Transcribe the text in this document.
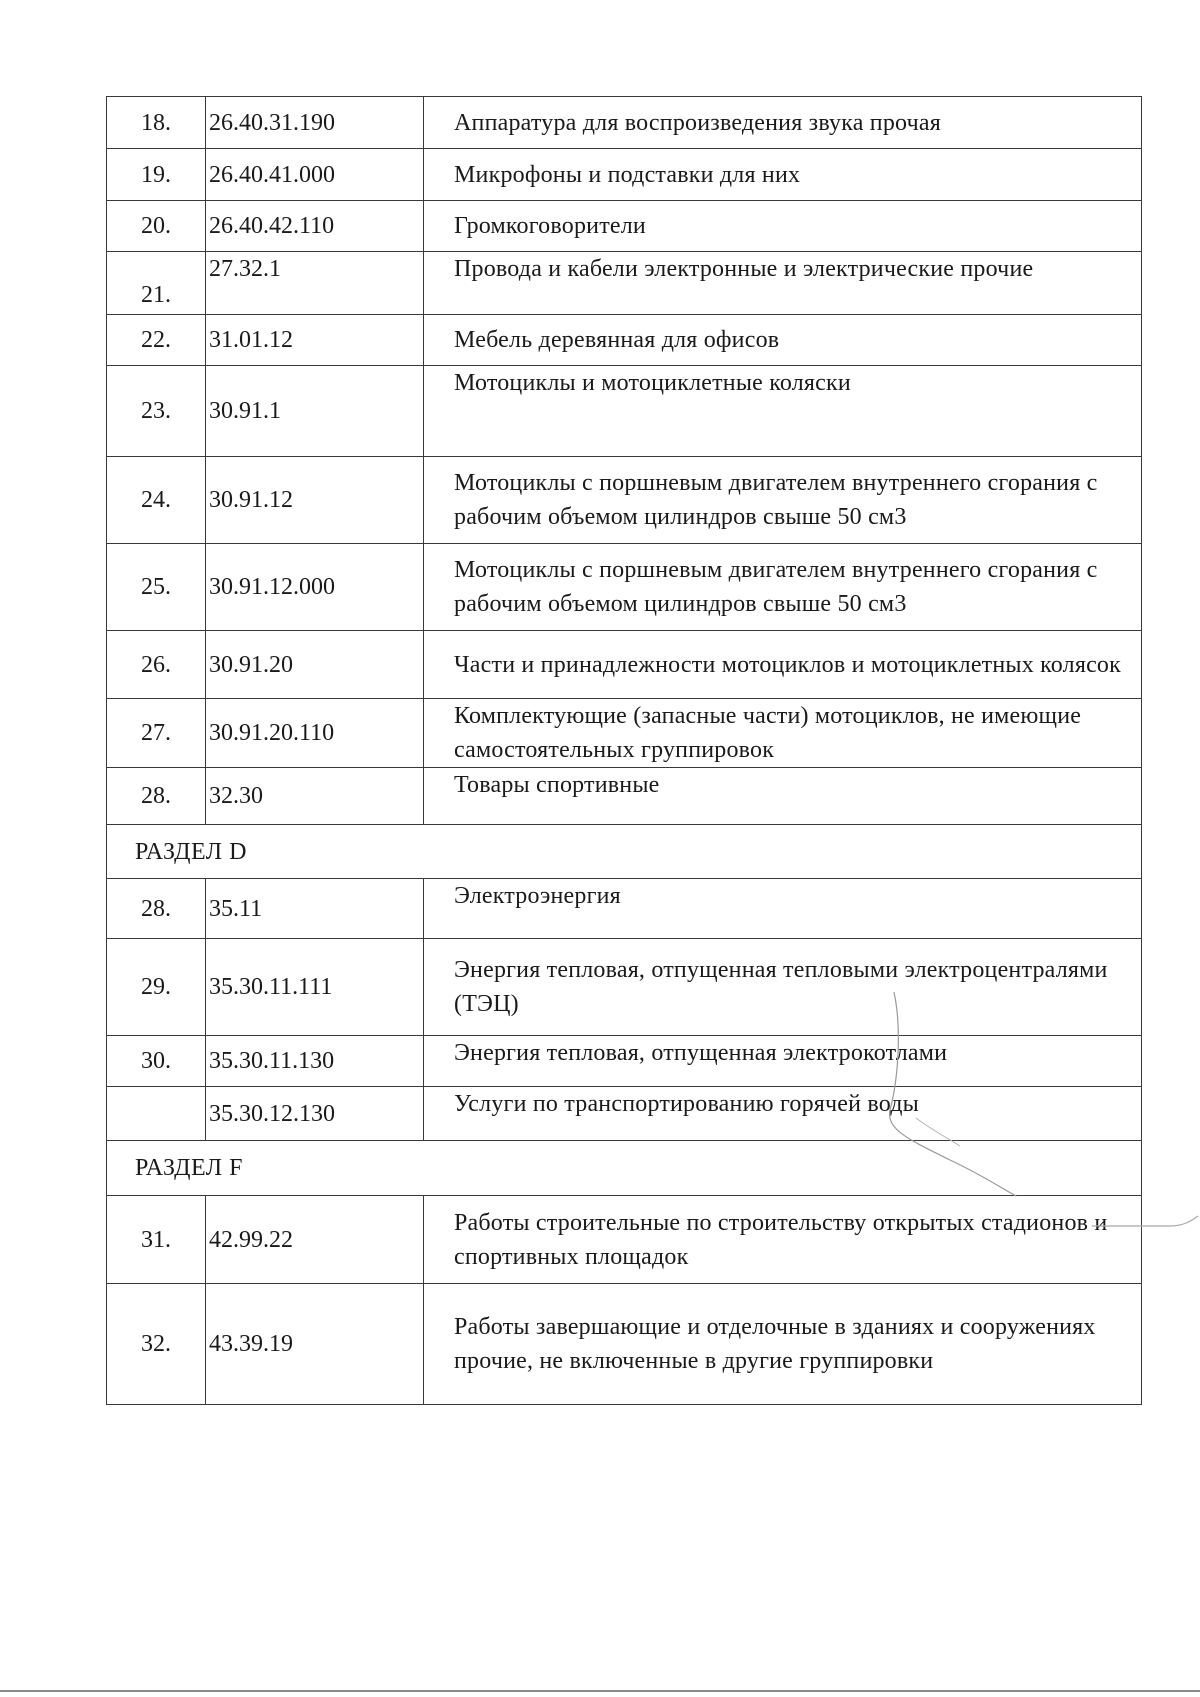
18.	26.40.31.190	Аппаратура для воспроизведения звука прочая
19.	26.40.41.000	Микрофоны и подставки для них
20.	26.40.42.110	Громкоговорители
21.	27.32.1	Провода и кабели электронные и электрические прочие
22.	31.01.12	Мебель деревянная для офисов
23.	30.91.1	Мотоциклы и мотоциклетные коляски
24.	30.91.12	Мотоциклы с поршневым двигателем внутреннего сгорания с рабочим объемом цилиндров свыше 50 см3
25.	30.91.12.000	Мотоциклы с поршневым двигателем внутреннего сгорания с рабочим объемом цилиндров свыше 50 см3
26.	30.91.20	Части и принадлежности мотоциклов и мотоциклетных колясок
27.	30.91.20.110	Комплектующие (запасные части) мотоциклов, не имеющие самостоятельных группировок
28.	32.30	Товары спортивные
РАЗДЕЛ D		
28.	35.11	Электроэнергия
29.	35.30.11.111	Энергия тепловая, отпущенная тепловыми электроцентралями (ТЭЦ)
30.	35.30.11.130	Энергия тепловая, отпущенная электрокотлами
	35.30.12.130	Услуги по транспортированию горячей воды
РАЗДЕЛ F		
31.	42.99.22	Работы строительные по строительству открытых стадионов и спортивных площадок
32.	43.39.19	Работы завершающие и отделочные в зданиях и сооружениях прочие, не включенные в другие группировки
